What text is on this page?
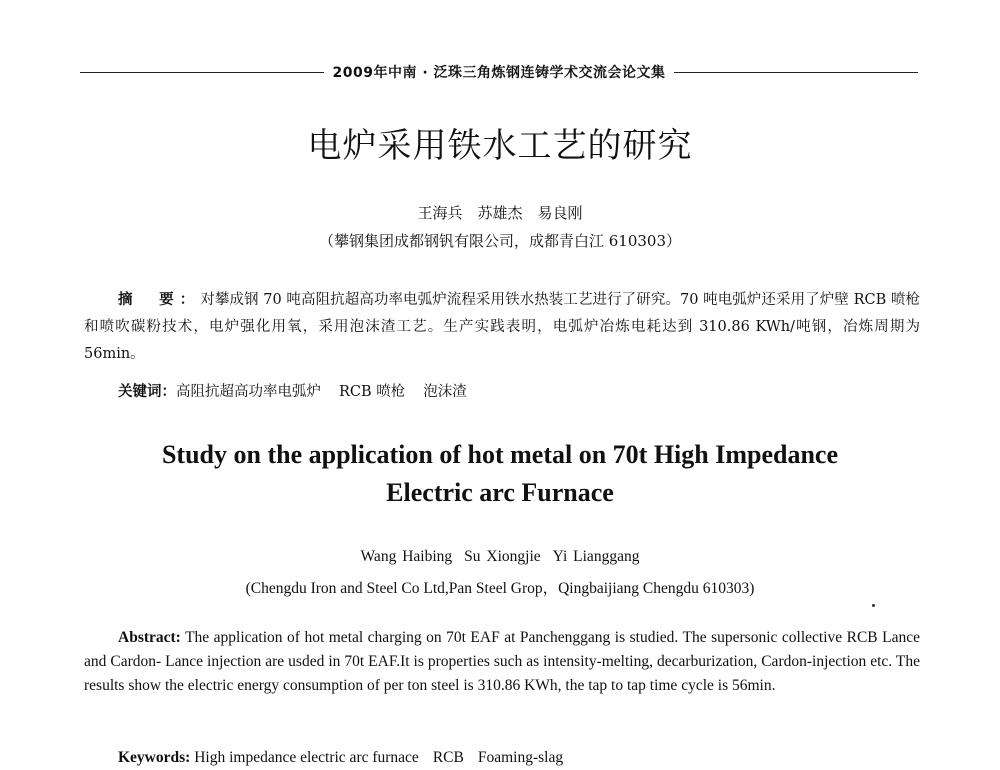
2009年中南 · 泛珠三角炼钢连铸学术交流会论文集
电炉采用铁水工艺的研究
王海兵　苏雄杰　易良刚
（攀钢集团成都钢钒有限公司，成都青白江 610303）
摘　要：对攀成钢 70 吨高阻抗超高功率电弧炉流程采用铁水热装工艺进行了研究。70 吨电弧炉还采用了炉壁 RCB 喷枪和喷吹碳粉技术，电炉强化用氧，采用泡沫渣工艺。生产实践表明，电弧炉冶炼电耗达到 310.86 KWh/吨钢，冶炼周期为 56min。
关键词：高阻抗超高功率电弧炉 RCB 喷枪 泡沫渣
Study on the application of hot metal on 70t High Impedance
Electric arc Furnace
Wang Haibing Su Xiongjie Yi Lianggang
(Chengdu Iron and Steel Co Ltd,Pan Steel Grop，Qingbaijiang Chengdu 610303)
Abstract: The application of hot metal charging on 70t EAF at Panchenggang is studied. The supersonic collective RCB Lance and Cardon- Lance injection are usded in 70t EAF.It is properties such as intensity-melting, decarburization, Cardon-injection etc. The results show the electric energy consumption of per ton steel is 310.86 KWh, the tap to tap time cycle is 56min.
Keywords: High impedance electric arc furnace RCB Foaming-slag
